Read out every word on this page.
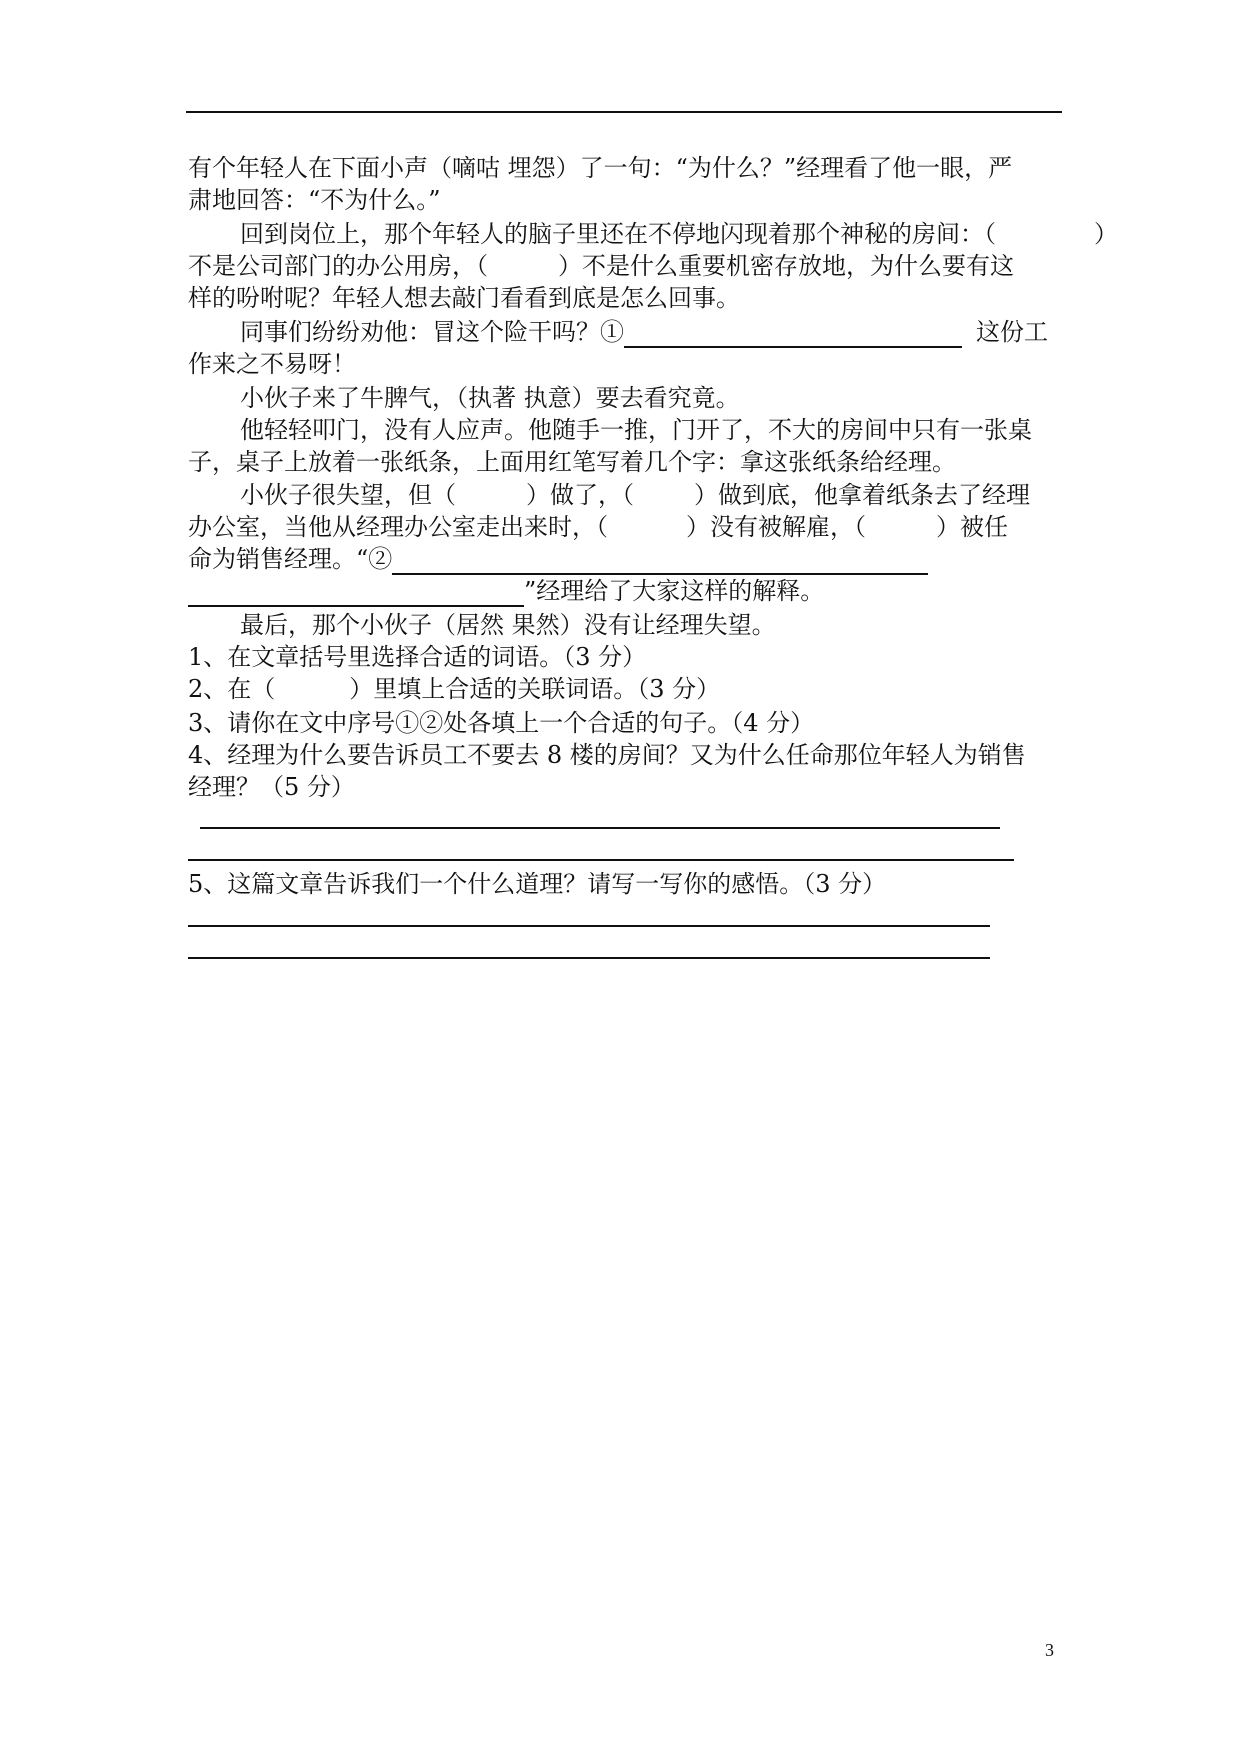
有个年轻人在下面小声（嘀咕 埋怨）了一句：“为什么？”经理看了他一眼，严
肃地回答：“不为什么。”
回到岗位上，那个年轻人的脑子里还在不停地闪现着那个神秘的房间：（	）
不是公司部门的办公用房，（	）不是什么重要机密存放地，为什么要有这
样的吩咐呢？年轻人想去敲门看看到底是怎么回事。
同事们纷纷劝他：冒这个险干吗？①	这份工
作来之不易呀！
小伙子来了牛脾气，（执著 执意）要去看究竟。
他轻轻叩门，没有人应声。他随手一推，门开了，不大的房间中只有一张桌
子，桌子上放着一张纸条，上面用红笔写着几个字：拿这张纸条给经理。
小伙子很失望，但（	）做了，（	）做到底，他拿着纸条去了经理
办公室，当他从经理办公室走出来时，（	）没有被解雇，（	）被任
命为销售经理。“②
”经理给了大家这样的解释。
最后，那个小伙子（居然 果然）没有让经理失望。
1、在文章括号里选择合适的词语。（3 分）
2、在（	）里填上合适的关联词语。（3 分）
3、请你在文中序号①②处各填上一个合适的句子。（4 分）
4、经理为什么要告诉员工不要去 8 楼的房间？又为什么任命那位年轻人为销售
经理？（5 分）
5、这篇文章告诉我们一个什么道理？请写一写你的感悟。（3 分）
3
